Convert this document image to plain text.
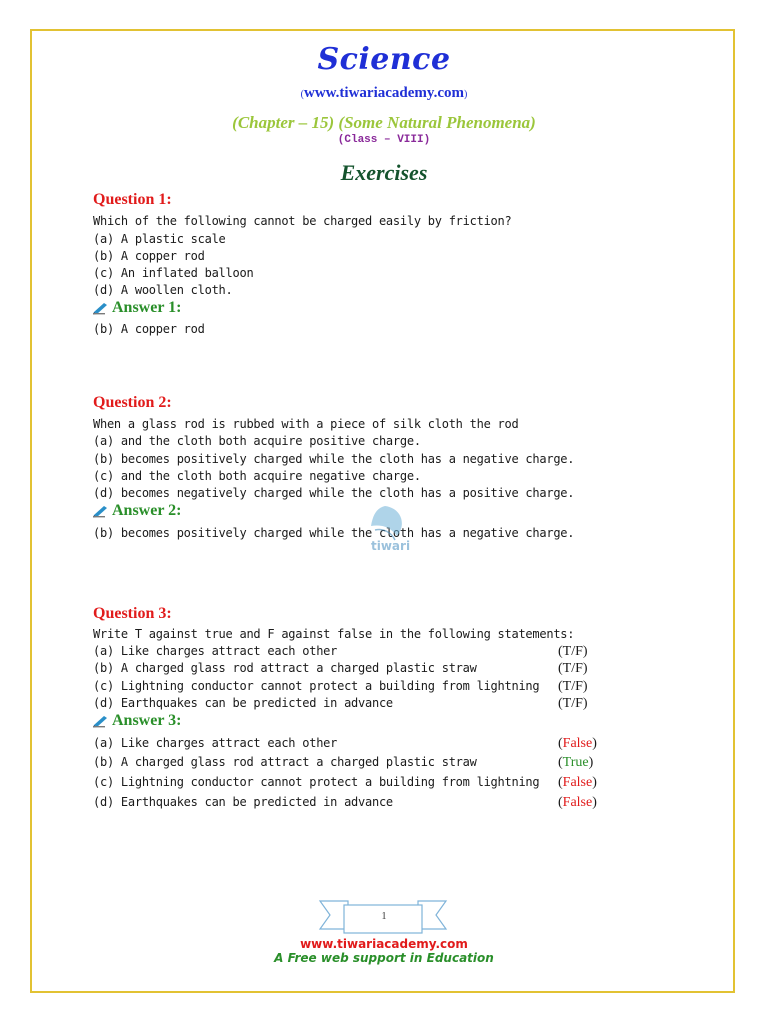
Science
(www.tiwariacademy.com)
(Chapter – 15) (Some Natural Phenomena)
(Class – VIII)
Exercises
Question 1:
Which of the following cannot be charged easily by friction?
(a) A plastic scale
(b) A copper rod
(c) An inflated balloon
(d) A woollen cloth.
Answer 1:
(b) A copper rod
Question 2:
When a glass rod is rubbed with a piece of silk cloth the rod
(a) and the cloth both acquire positive charge.
(b) becomes positively charged while the cloth has a negative charge.
(c) and the cloth both acquire negative charge.
(d) becomes negatively charged while the cloth has a positive charge.
Answer 2:
(b) becomes positively charged while the cloth has a negative charge.
tiwari
Question 3:
Write T against true and F against false in the following statements:
(a) Like charges attract each other	(T/F)
(b) A charged glass rod attract a charged plastic straw	(T/F)
(c) Lightning conductor cannot protect a building from lightning (T/F)
(d) Earthquakes can be predicted in advance	(T/F)
Answer 3:
(a) Like charges attract each other	(False)
(b) A charged glass rod attract a charged plastic straw	(True)
(c) Lightning conductor cannot protect a building from lightning (False)
(d) Earthquakes can be predicted in advance	(False)
1
www.tiwariacademy.com
A Free web support in Education
